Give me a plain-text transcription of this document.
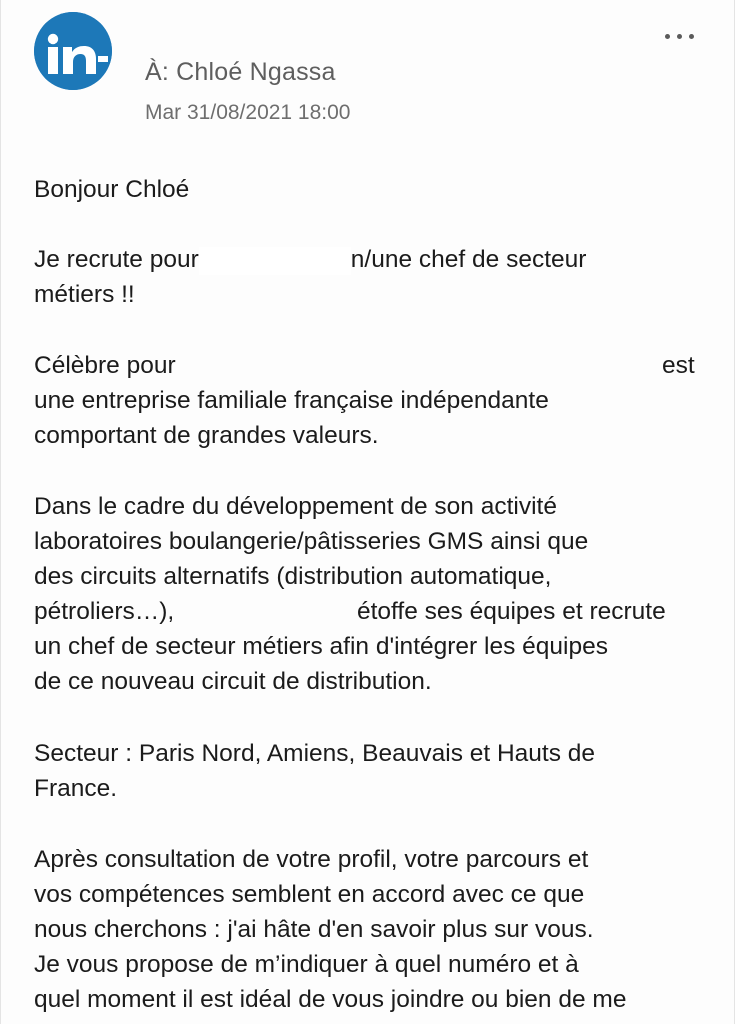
À: Chloé Ngassa
Mar 31/08/2021 18:00
Bonjour Chloé
Je recrute pour	n/une chef de secteur
métiers !!
Célèbre pour	est
une entreprise familiale française indépendante
comportant de grandes valeurs.
Dans le cadre du développement de son activité
laboratoires boulangerie/pâtisseries GMS ainsi que
des circuits alternatifs (distribution automatique,
pétroliers…),	étoffe ses équipes et recrute
un chef de secteur métiers afin d'intégrer les équipes
de ce nouveau circuit de distribution.
Secteur : Paris Nord, Amiens, Beauvais et Hauts de
France.
Après consultation de votre profil, votre parcours et
vos compétences semblent en accord avec ce que
nous cherchons : j'ai hâte d'en savoir plus sur vous.
Je vous propose de m’indiquer à quel numéro et à
quel moment il est idéal de vous joindre ou bien de me
